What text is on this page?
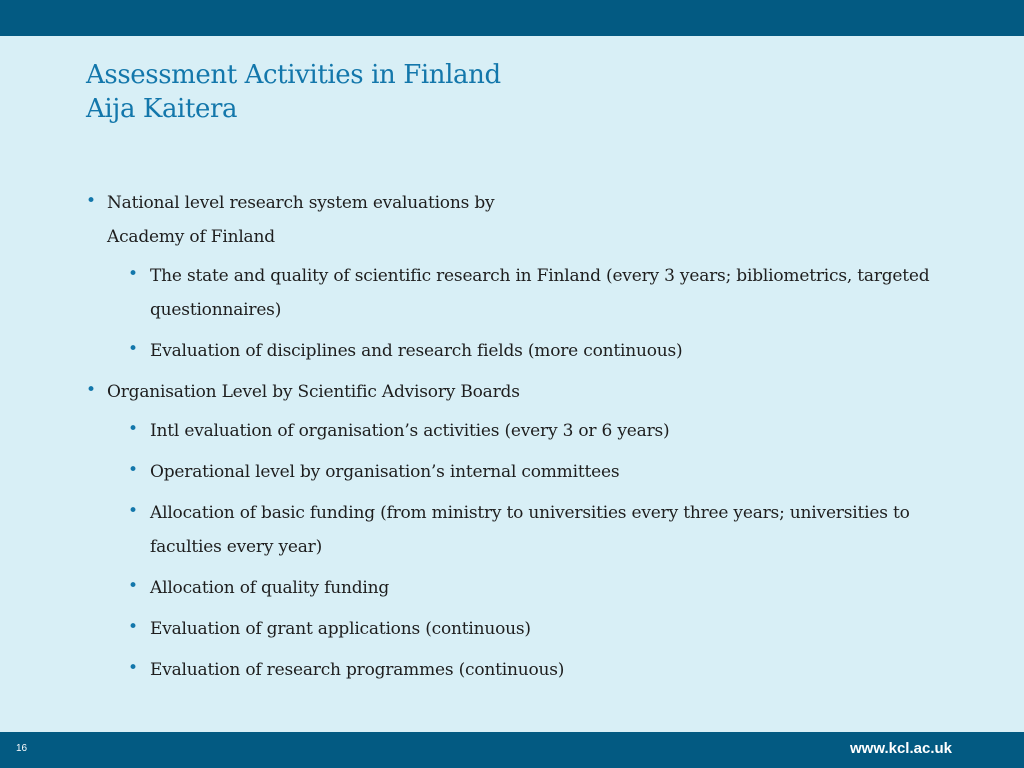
Assessment Activities in Finland
Aija Kaitera
• National level research system evaluations by Academy of Finland
• The state and quality of scientific research in Finland (every 3 years; bibliometrics, targeted questionnaires)
• Evaluation of disciplines and research fields (more continuous)
• Organisation Level by Scientific Advisory Boards
• Intl evaluation of organisation’s activities (every 3 or 6 years)
• Operational level by organisation’s internal committees
• Allocation of basic funding (from ministry to universities every three years; universities to faculties every year)
• Allocation of quality funding
• Evaluation of grant applications (continuous)
• Evaluation of research programmes (continuous)
16	www.kcl.ac.uk
